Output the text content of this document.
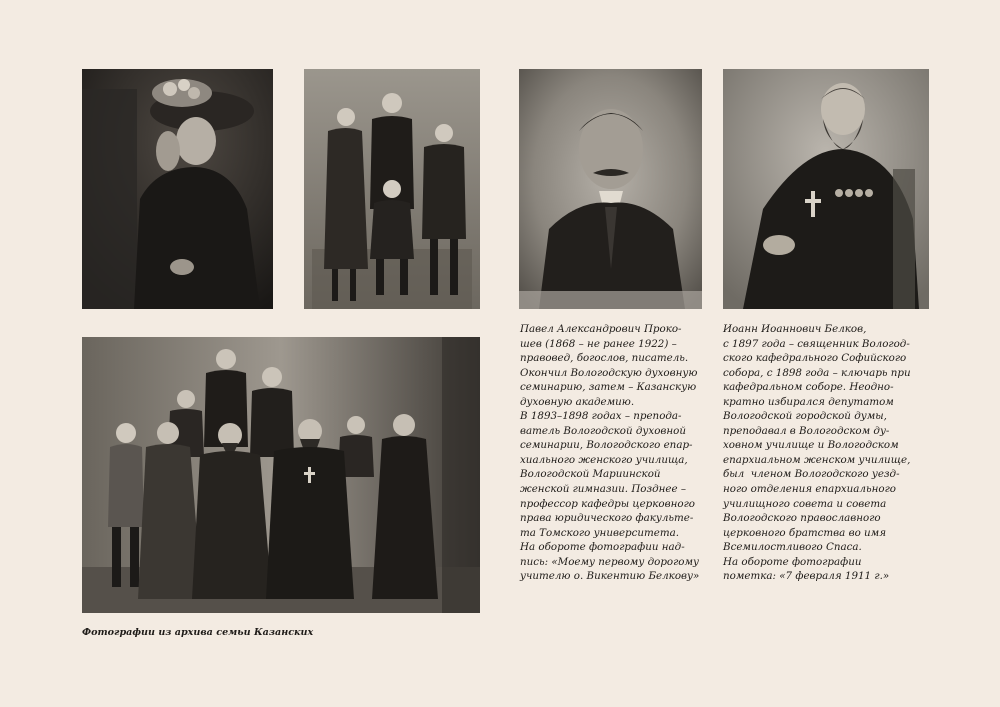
Павел Александрович Проко-
шев (1868 – не ранее 1922) –
правовед, богослов, писатель.
Окончил Вологодскую духовную
семинарию, затем – Казанскую
духовную академию.
В 1893–1898 годах – препода-
ватель Вологодской духовной
семинарии, Вологодского епар-
хиального женского училища,
Вологодской Мариинской
женской гимназии. Позднее –
профессор кафедры церковного
права юридического факульте-
та Томского университета.
На обороте фотографии над-
пись: «Моему первому дорогому
учителю о. Викентию Белкову»

Иоанн Иоаннович Белков,
с 1897 года – священник Вологод-
ского кафедрального Софийского
собора, с 1898 года – ключарь при
кафедральном соборе. Неодно-
кратно избирался депутатом
Вологодской городской думы,
преподавал в Вологодском ду-
ховном училище и Вологодском
епархиальном женском училище,
был  членом Вологодского уезд-
ного отделения епархиального
училищного совета и совета
Вологодского православного
церковного братства во имя
Всемилостливого Спаса.
На обороте фотографии
пометка: «7 февраля 1911 г.»

Фотографии из архива семьи Казанских
